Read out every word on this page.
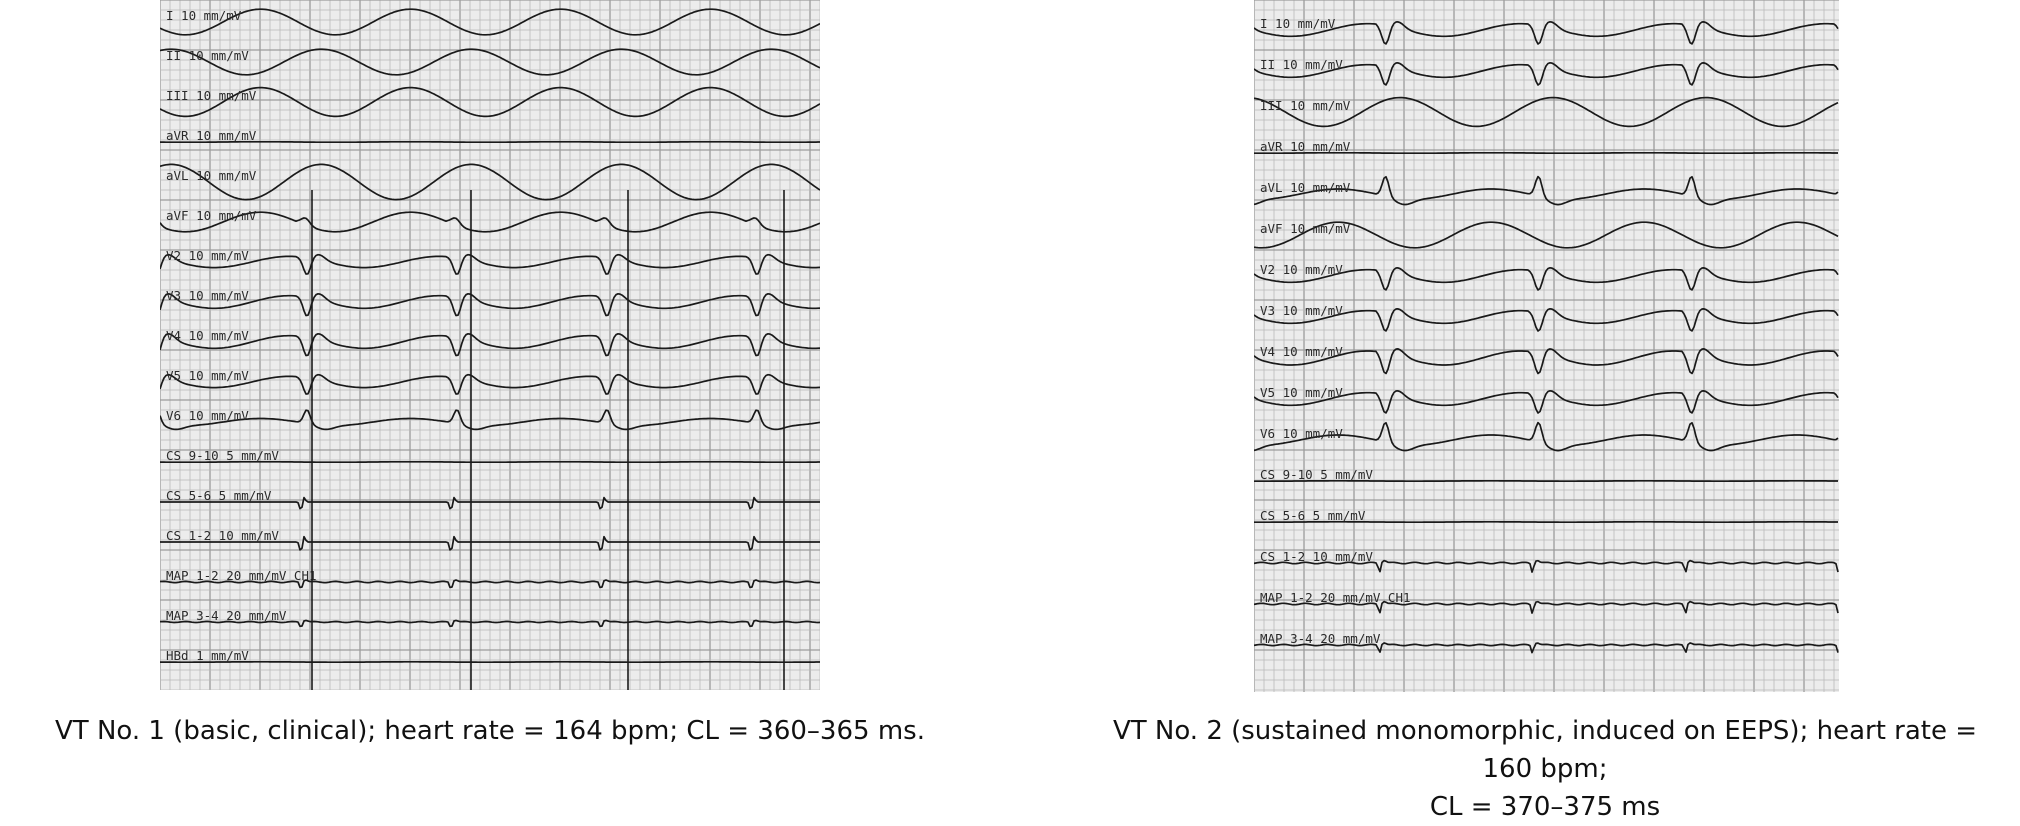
I 10 mm/mV
II 10 mm/mV
III 10 mm/mV
aVR 10 mm/mV
aVL 10 mm/mV
aVF 10 mm/mV
V2 10 mm/mV
V3 10 mm/mV
V4 10 mm/mV
V5 10 mm/mV
V6 10 mm/mV
CS 9-10 5 mm/mV
CS 5-6 5 mm/mV
CS 1-2 10 mm/mV
MAP 1-2 20 mm/mV CH1
MAP 3-4 20 mm/mV
HBd 1 mm/mV
VT No. 1 (basic, clinical); heart rate = 164 bpm; CL = 360–365 ms.
I 10 mm/mV
II 10 mm/mV
III 10 mm/mV
aVR 10 mm/mV
aVL 10 mm/mV
aVF 10 mm/mV
V2 10 mm/mV
V3 10 mm/mV
V4 10 mm/mV
V5 10 mm/mV
V6 10 mm/mV
CS 9-10 5 mm/mV
CS 5-6 5 mm/mV
CS 1-2 10 mm/mV
MAP 1-2 20 mm/mV CH1
MAP 3-4 20 mm/mV
VT No. 2 (sustained monomorphic, induced on EEPS); heart rate = 160 bpm;
CL = 370–375 ms
